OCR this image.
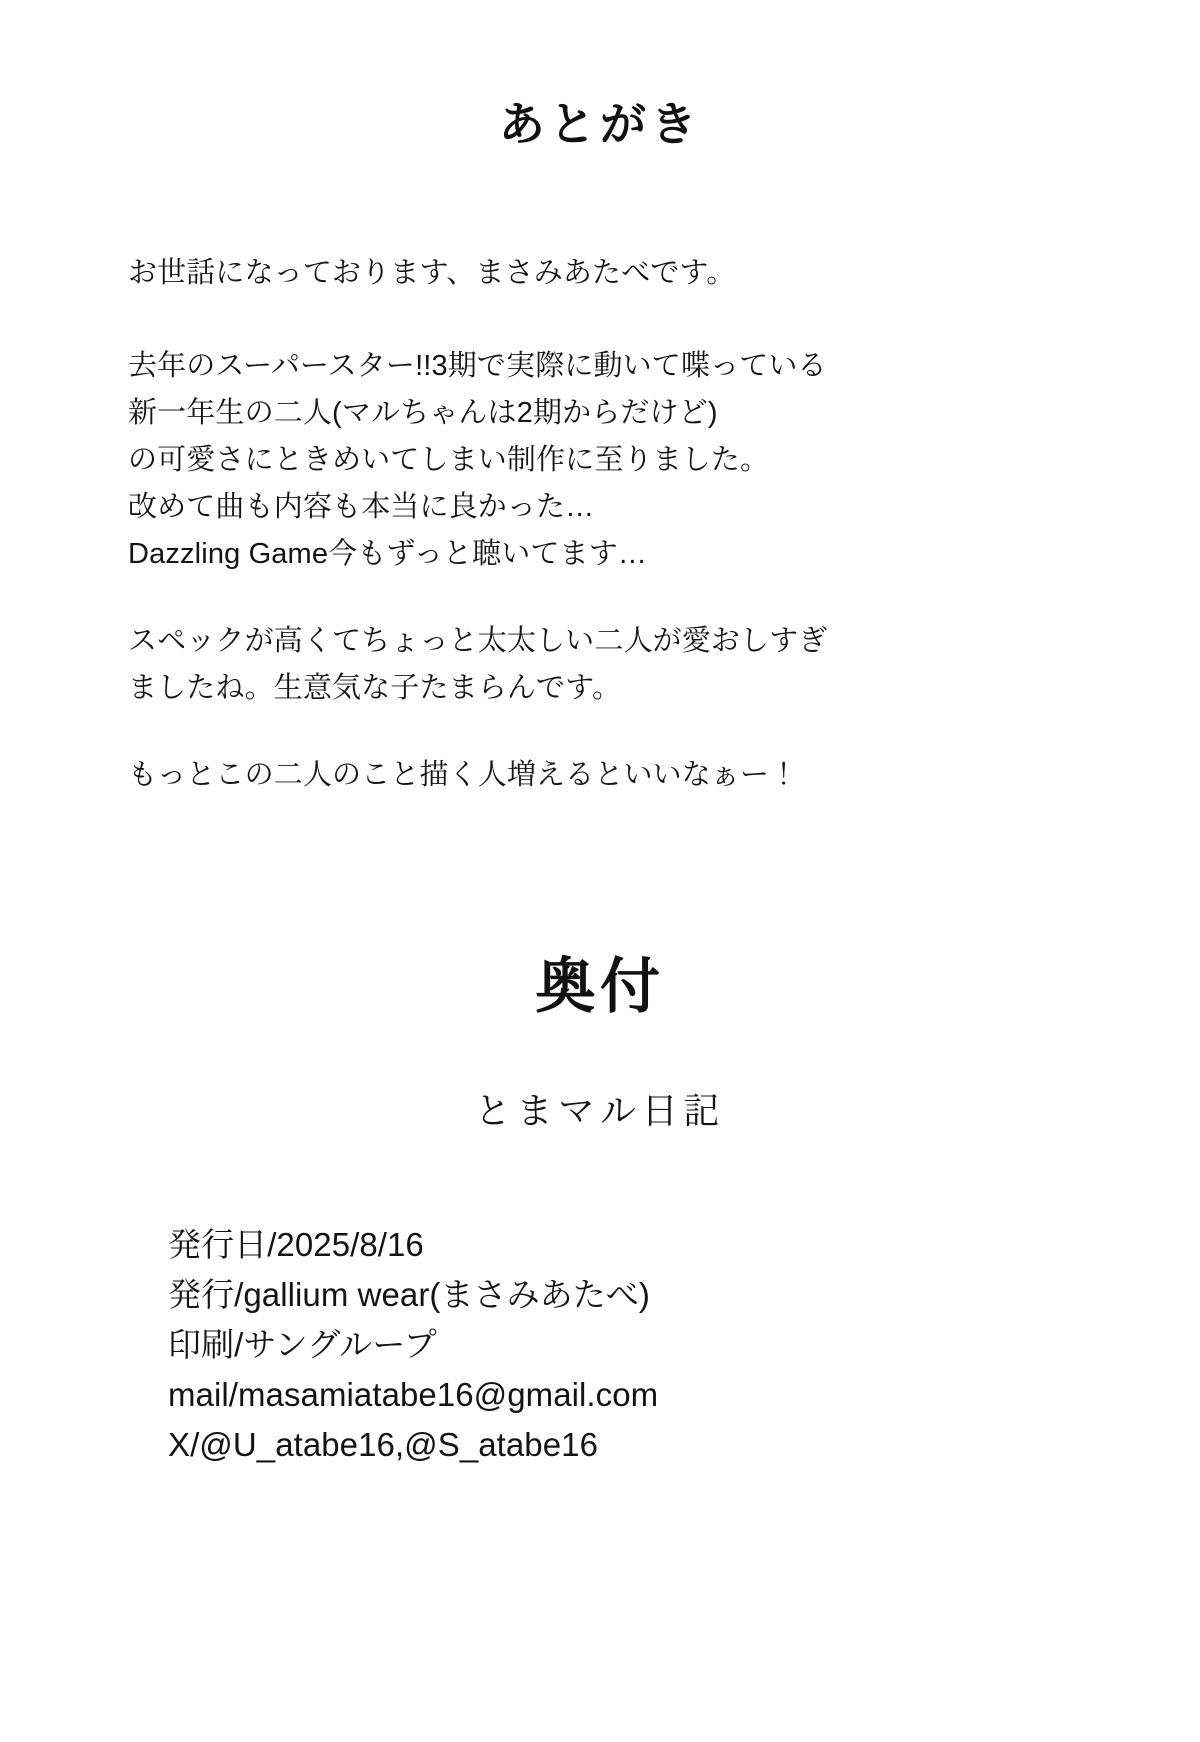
あとがき

お世話になっております、まさみあたべです。

去年のスーパースター!!3期で実際に動いて喋っている

新一年生の二人(マルちゃんは2期からだけど)

の可愛さにときめいてしまい制作に至りました。

改めて曲も内容も本当に良かった…

Dazzling Game今もずっと聴いてます…

スペックが高くてちょっと太太しい二人が愛おしすぎ

ましたね。生意気な子たまらんです。

もっとこの二人のこと描く人増えるといいなぁー！

奥付
とまマル日記

発行日/2025/8/16

発行/gallium wear(まさみあたべ)

印刷/サングループ

mail/masamiatabe16@gmail.com

X/@U_atabe16,@S_atabe16
